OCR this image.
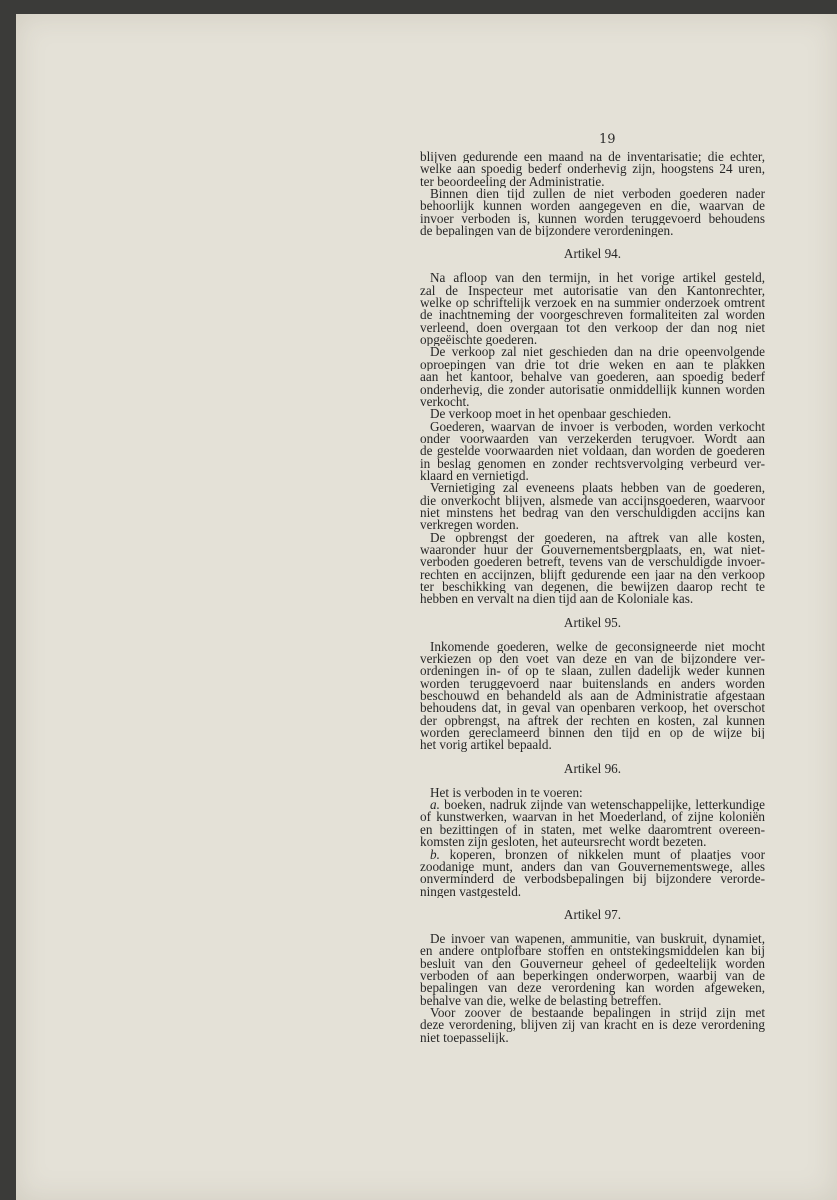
19
blijven gedurende een maand na de inventarisatie; die echter,
welke aan spoedig bederf onderhevig zijn, hoogstens 24 uren,
ter beoordeeling der Administratie.
Binnen dien tijd zullen de niet verboden goederen nader
behoorlijk kunnen worden aangegeven en die, waarvan de
invoer verboden is, kunnen worden teruggevoerd behoudens
de bepalingen van de bijzondere verordeningen.
Artikel 94.
Na afloop van den termijn, in het vorige artikel gesteld,
zal de Inspecteur met autorisatie van den Kantonrechter,
welke op schriftelijk verzoek en na summier onderzoek omtrent
de inachtneming der voorgeschreven formaliteiten zal worden
verleend, doen overgaan tot den verkoop der dan nog niet
opgeëischte goederen.
De verkoop zal niet geschieden dan na drie opeenvolgende
oproepingen van drie tot drie weken en aan te plakken
aan het kantoor, behalve van goederen, aan spoedig bederf
onderhevig, die zonder autorisatie onmiddellijk kunnen worden
verkocht.
De verkoop moet in het openbaar geschieden.
Goederen, waarvan de invoer is verboden, worden verkocht
onder voorwaarden van verzekerden terugvoer. Wordt aan
de gestelde voorwaarden niet voldaan, dan worden de goederen
in beslag genomen en zonder rechtsvervolging verbeurd ver-
klaard en vernietigd.
Vernietiging zal eveneens plaats hebben van de goederen,
die onverkocht blijven, alsmede van accijnsgoederen, waarvoor
niet minstens het bedrag van den verschuldigden accijns kan
verkregen worden.
De opbrengst der goederen, na aftrek van alle kosten,
waaronder huur der Gouvernementsbergplaats, en, wat niet-
verboden goederen betreft, tevens van de verschuldigde invoer-
rechten en accijnzen, blijft gedurende een jaar na den verkoop
ter beschikking van degenen, die bewijzen daarop recht te
hebben en vervalt na dien tijd aan de Koloniale kas.
Artikel 95.
Inkomende goederen, welke de geconsigneerde niet mocht
verkiezen op den voet van deze en van de bijzondere ver-
ordeningen in- of op te slaan, zullen dadelijk weder kunnen
worden teruggevoerd naar buitenslands en anders worden
beschouwd en behandeld als aan de Administratie afgestaan
behoudens dat, in geval van openbaren verkoop, het overschot
der opbrengst, na aftrek der rechten en kosten, zal kunnen
worden gereclameerd binnen den tijd en op de wijze bij
het vorig artikel bepaald.
Artikel 96.
Het is verboden in te voeren:
a. boeken, nadruk zijnde van wetenschappelijke, letterkundige
of kunstwerken, waarvan in het Moederland, of zijne koloniën
en bezittingen of in staten, met welke daaromtrent overeen-
komsten zijn gesloten, het auteursrecht wordt bezeten.
b. koperen, bronzen of nikkelen munt of plaatjes voor
zoodanige munt, anders dan van Gouvernementswege, alles
onverminderd de verbodsbepalingen bij bijzondere verorde-
ningen vastgesteld.
Artikel 97.
De invoer van wapenen, ammunitie, van buskruit, dynamiet,
en andere ontplofbare stoffen en ontstekingsmiddelen kan bij
besluit van den Gouverneur geheel of gedeeltelijk worden
verboden of aan beperkingen onderworpen, waarbij van de
bepalingen van deze verordening kan worden afgeweken,
behalve van die, welke de belasting betreffen.
Voor zoover de bestaande bepalingen in strijd zijn met
deze verordening, blijven zij van kracht en is deze verordening
niet toepasselijk.
